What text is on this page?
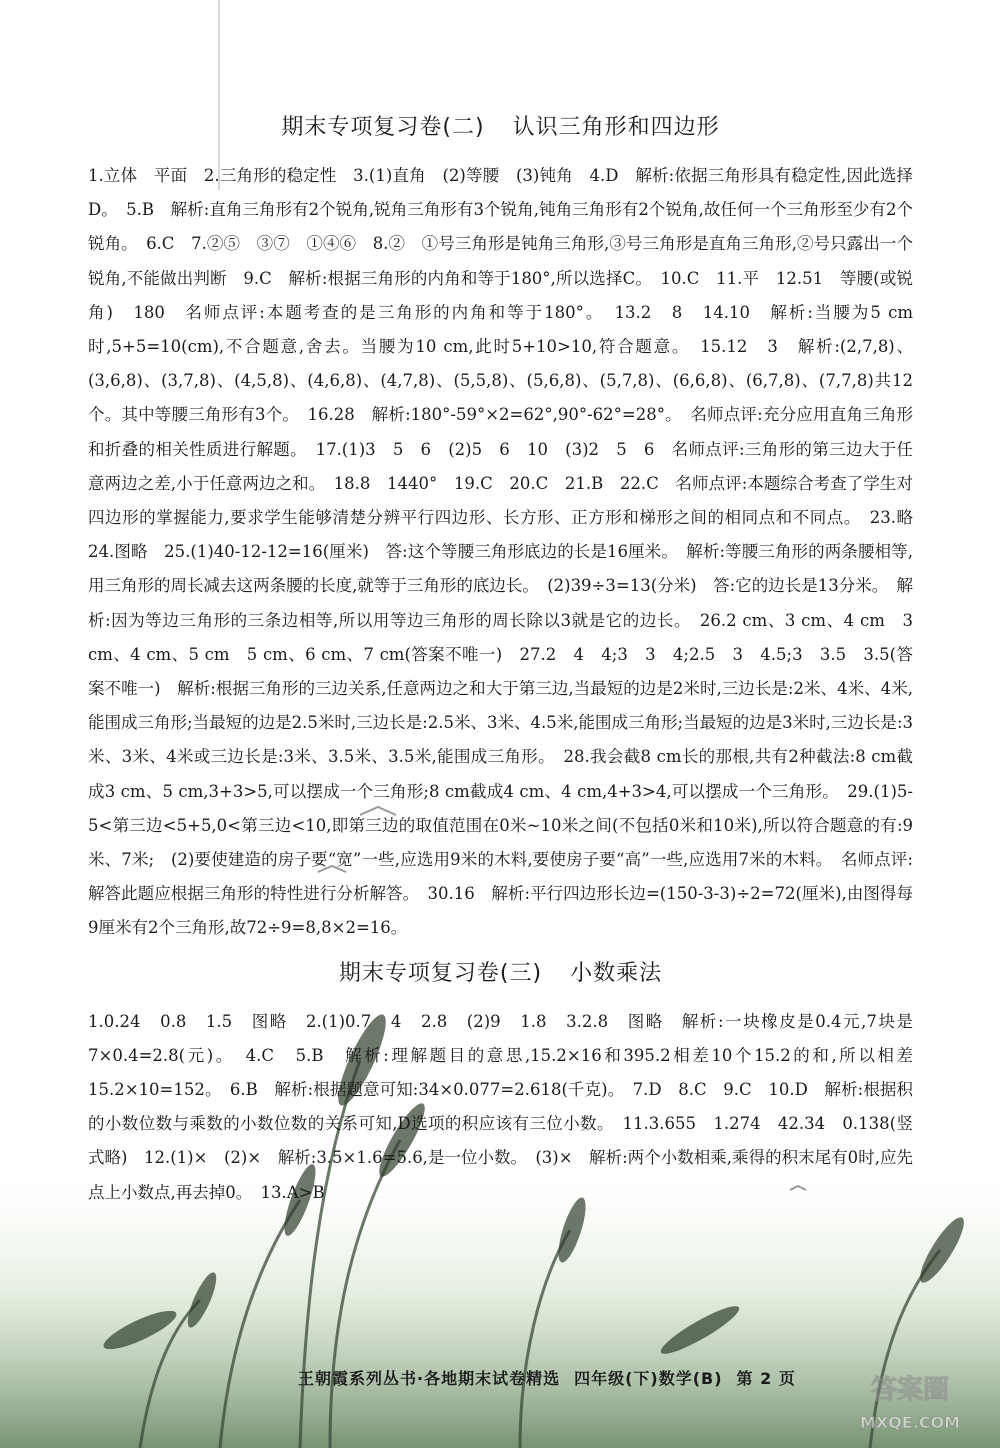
期末专项复习卷(二) 认识三角形和四边形

1.立体　平面　2.三角形的稳定性　3.(1)直角　(2)等腰　(3)钝角　4.D　解析:依据三角形具有稳定性,因此选择D。　5.B　解析:直角三角形有2个锐角,锐角三角形有3个锐角,钝角三角形有2个锐角,故任何一个三角形至少有2个锐角。　6.C　7.②⑤　③⑦　①④⑥　8.②　①号三角形是钝角三角形,③号三角形是直角三角形,②号只露出一个锐角,不能做出判断　9.C　解析:根据三角形的内角和等于180°,所以选择C。　10.C　11.平　12.51　等腰(或锐角)　180　名师点评:本题考查的是三角形的内角和等于180°。　13.2　8　14.10　解析:当腰为5 cm时,5+5=10(cm),不合题意,舍去。当腰为10 cm,此时5+10>10,符合题意。　15.12　3　解析:(2,7,8)、(3,6,8)、(3,7,8)、(4,5,8)、(4,6,8)、(4,7,8)、(5,5,8)、(5,6,8)、(5,7,8)、(6,6,8)、(6,7,8)、(7,7,8)共12个。其中等腰三角形有3个。　16.28　解析:180°-59°×2=62°,90°-62°=28°。　名师点评:充分应用直角三角形和折叠的相关性质进行解题。　17.(1)3　5　6　(2)5　6　10　(3)2　5　6　名师点评:三角形的第三边大于任意两边之差,小于任意两边之和。　18.8　1440°　19.C　20.C　21.B　22.C　名师点评:本题综合考查了学生对四边形的掌握能力,要求学生能够清楚分辨平行四边形、长方形、正方形和梯形之间的相同点和不同点。　23.略　24.图略　25.(1)40-12-12=16(厘米)　答:这个等腰三角形底边的长是16厘米。　解析:等腰三角形的两条腰相等,用三角形的周长减去这两条腰的长度,就等于三角形的底边长。　(2)39÷3=13(分米)　答:它的边长是13分米。　解析:因为等边三角形的三条边相等,所以用等边三角形的周长除以3就是它的边长。　26.2 cm、3 cm、4 cm　3 cm、4 cm、5 cm　5 cm、6 cm、7 cm(答案不唯一)　27.2　4　4;3　3　4;2.5　3　4.5;3　3.5　3.5(答案不唯一)　解析:根据三角形的三边关系,任意两边之和大于第三边,当最短的边是2米时,三边长是:2米、4米、4米,能围成三角形;当最短的边是2.5米时,三边长是:2.5米、3米、4.5米,能围成三角形;当最短的边是3米时,三边长是:3米、3米、4米或三边长是:3米、3.5米、3.5米,能围成三角形。　28.我会截8 cm长的那根,共有2种截法:8 cm截成3 cm、5 cm,3+3>5,可以摆成一个三角形;8 cm截成4 cm、4 cm,4+3>4,可以摆成一个三角形。　29.(1)5-5<第三边<5+5,0<第三边<10,即第三边的取值范围在0米~10米之间(不包括0米和10米),所以符合题意的有:9米、7米;　(2)要使建造的房子要“宽”一些,应选用9米的木料,要使房子要“高”一些,应选用7米的木料。　名师点评:解答此题应根据三角形的特性进行分析解答。　30.16　解析:平行四边形长边=(150-3-3)÷2=72(厘米),由图得每9厘米有2个三角形,故72÷9=8,8×2=16。

期末专项复习卷(三) 小数乘法

1.0.24　0.8　1.5　图略　2.(1)0.7　4　2.8　(2)9　1.8　3.2.8　图略　解析:一块橡皮是0.4元,7块是7×0.4=2.8(元)。　4.C　5.B　解析:理解题目的意思,15.2×16和395.2相差10个15.2的和,所以相差15.2×10=152。　6.B　解析:根据题意可知:34×0.077=2.618(千克)。　7.D　8.C　9.C　10.D　解析:根据积的小数位数与乘数的小数位数的关系可知,D选项的积应该有三位小数。　11.3.655　1.274　42.34　0.138(竖式略)　12.(1)×　(2)×　解析:3.5×1.6=5.6,是一位小数。　(3)×　解析:两个小数相乘,乘得的积末尾有0时,应先点上小数点,再去掉0。　13.A>B

王朝霞系列丛书·各地期末试卷精选 四年级(下)数学(B) 第 2 页	答案圈
MXQE.COM
